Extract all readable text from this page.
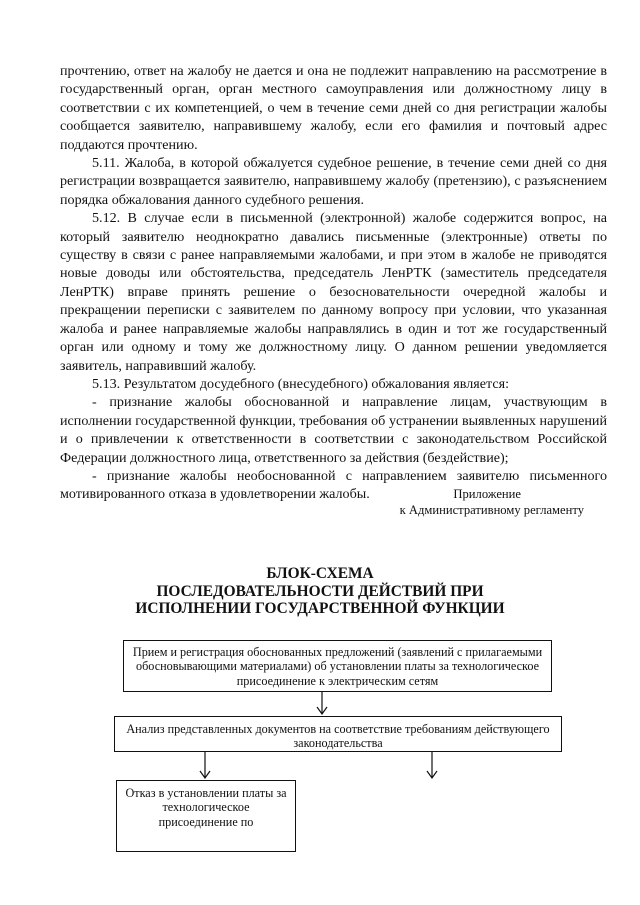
прочтению, ответ на жалобу не дается и она не подлежит направлению на рассмотрение в государственный орган, орган местного самоуправления или должностному лицу в соответствии с их компетенцией, о чем в течение семи дней со дня регистрации жалобы сообщается заявителю, направившему жалобу, если его фамилия и почтовый адрес поддаются прочтению.

5.11. Жалоба, в которой обжалуется судебное решение, в течение семи дней со дня регистрации возвращается заявителю, направившему жалобу (претензию), с разъяснением порядка обжалования данного судебного решения.

5.12. В случае если в письменной (электронной) жалобе содержится вопрос, на который заявителю неоднократно давались письменные (электронные) ответы по существу в связи с ранее направляемыми жалобами, и при этом в жалобе не приводятся новые доводы или обстоятельства, председатель ЛенРТК (заместитель председателя ЛенРТК) вправе принять решение о безосновательности очередной жалобы и прекращении переписки с заявителем по данному вопросу при условии, что указанная жалоба и ранее направляемые жалобы направлялись в один и тот же государственный орган или одному и тому же должностному лицу. О данном решении уведомляется заявитель, направивший жалобу.

5.13. Результатом досудебного (внесудебного) обжалования является:

- признание жалобы обоснованной и направление лицам, участвующим в исполнении государственной функции, требования об устранении выявленных нарушений и о привлечении к ответственности в соответствии с законодательством Российской Федерации должностного лица, ответственного за действия (бездействие);

- признание жалобы необоснованной с направлением заявителю письменного мотивированного отказа в удовлетворении жалобы.	Приложение
к Административному регламенту
БЛОК-СХЕМА
ПОСЛЕДОВАТЕЛЬНОСТИ ДЕЙСТВИЙ ПРИ
ИСПОЛНЕНИИ ГОСУДАРСТВЕННОЙ ФУНКЦИИ
Прием и регистрация обоснованных предложений (заявлений с прилагаемыми обосновывающими материалами) об установлении платы за технологическое присоединение к электрическим сетям
Анализ представленных документов на соответствие требованиям действующего законодательства
Отказ в установлении платы за технологическое присоединение по
